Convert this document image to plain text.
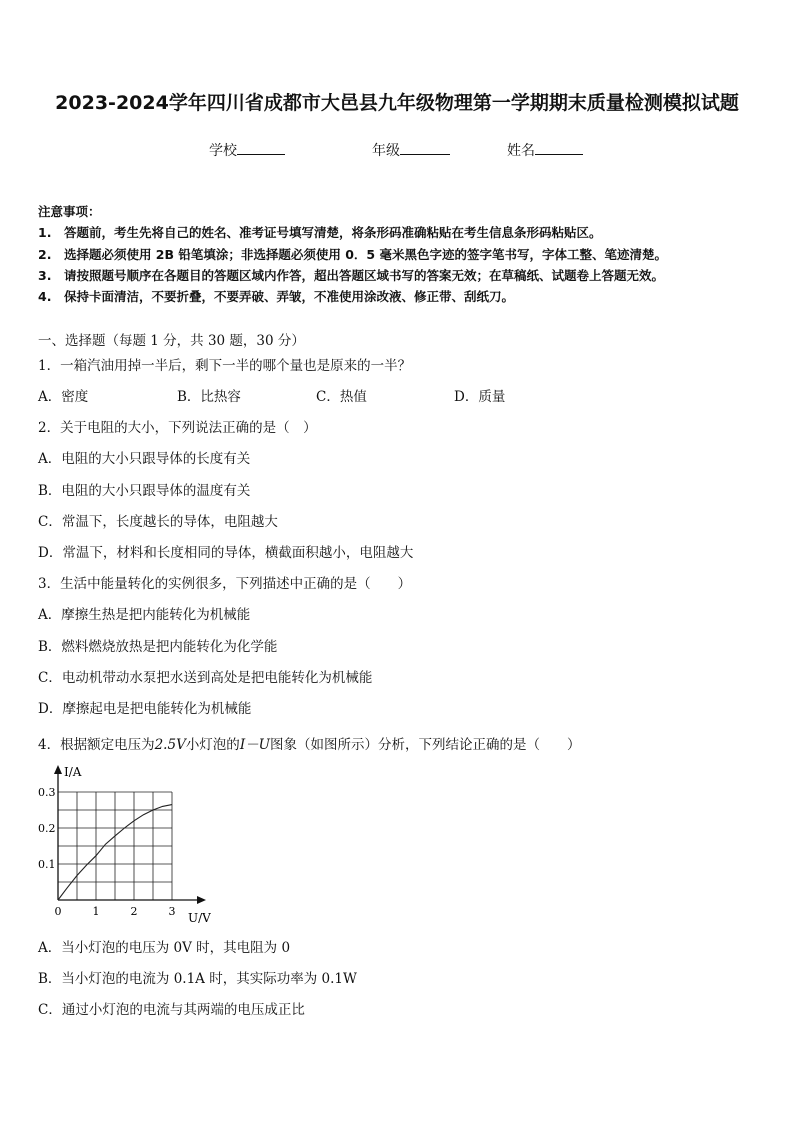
2023-2024学年四川省成都市大邑县九年级物理第一学期期末质量检测模拟试题
学校	年级	姓名
注意事项：
1.　答题前，考生先将自己的姓名、准考证号填写清楚，将条形码准确粘贴在考生信息条形码粘贴区。
2.　选择题必须使用 2B 铅笔填涂；非选择题必须使用 0．5 毫米黑色字迹的签字笔书写，字体工整、笔迹清楚。
3.　请按照题号顺序在各题目的答题区域内作答，超出答题区域书写的答案无效；在草稿纸、试题卷上答题无效。
4.　保持卡面清洁，不要折叠，不要弄破、弄皱，不准使用涂改液、修正带、刮纸刀。
一、选择题（每题 1 分，共 30 题，30 分）
1．一箱汽油用掉一半后，剩下一半的哪个量也是原来的一半？
A．密度	B．比热容	C．热值	D．质量
2．关于电阻的大小，下列说法正确的是（　）
A．电阻的大小只跟导体的长度有关
B．电阻的大小只跟导体的温度有关
C．常温下，长度越长的导体，电阻越大
D．常温下，材料和长度相同的导体，横截面积越小，电阻越大
3．生活中能量转化的实例很多，下列描述中正确的是（　　）
A．摩擦生热是把内能转化为机械能
B．燃料燃烧放热是把内能转化为化学能
C．电动机带动水泵把水送到高处是把电能转化为机械能
D．摩擦起电是把电能转化为机械能
4．根据额定电压为2.5V小灯泡的I－U图象（如图所示）分析，下列结论正确的是（　　）
I/A
U/V
0	1	2	3
0.1
0.2
0.3
A．当小灯泡的电压为 0V 时，其电阻为 0
B．当小灯泡的电流为 0.1A 时，其实际功率为 0.1W
C．通过小灯泡的电流与其两端的电压成正比
